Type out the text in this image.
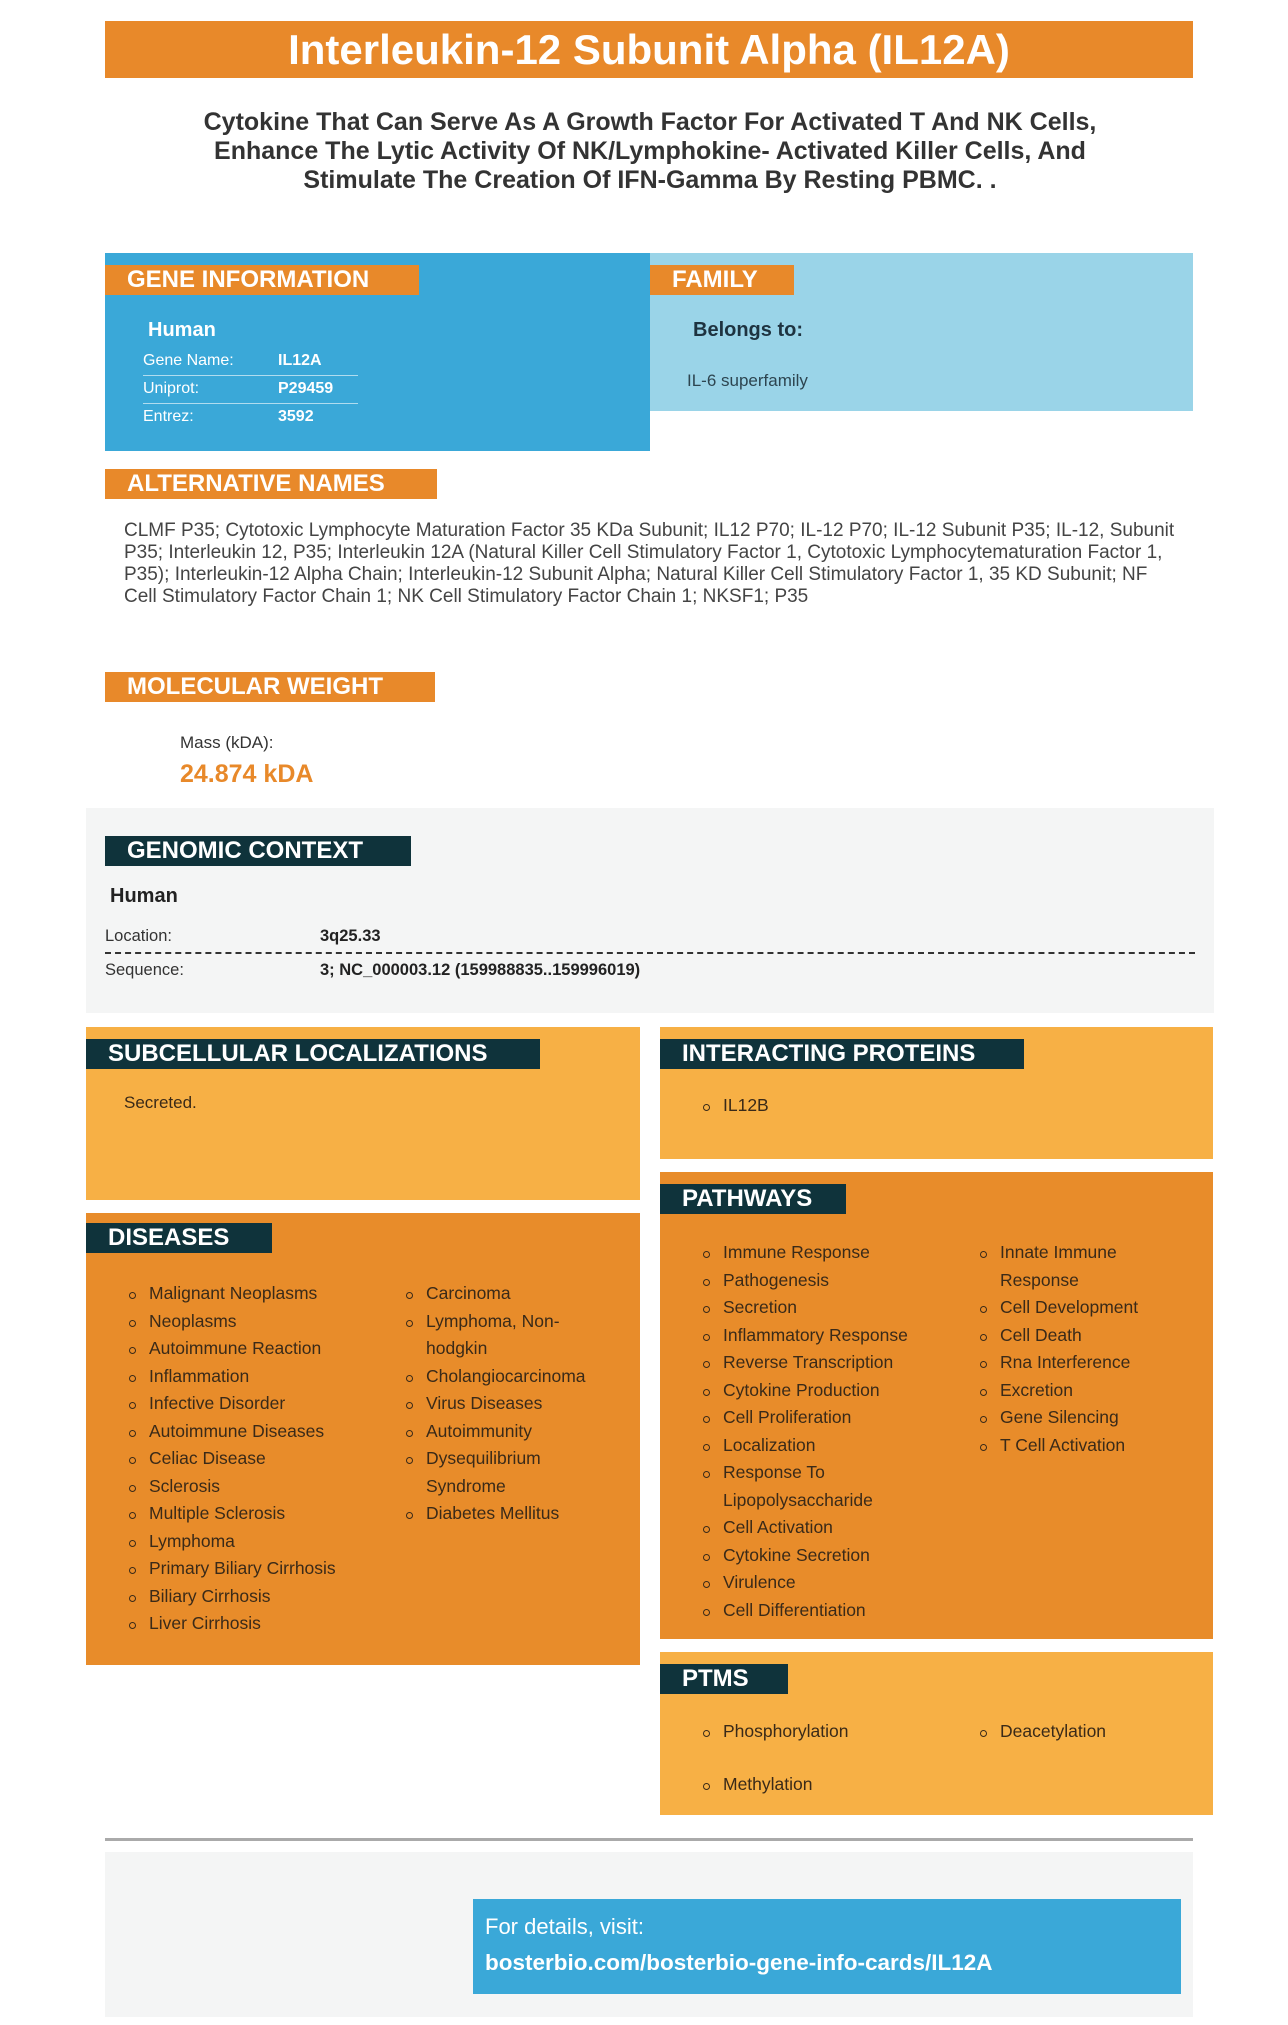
Interleukin-12 Subunit Alpha (IL12A)
Cytokine That Can Serve As A Growth Factor For Activated T And NK Cells, Enhance The Lytic Activity Of NK/Lymphokine- Activated Killer Cells, And Stimulate The Creation Of IFN-Gamma By Resting PBMC. .
GENE INFORMATION
Human
Gene Name:	IL12A
Uniprot:	P29459
Entrez:	3592
FAMILY
Belongs to:
IL-6 superfamily
ALTERNATIVE NAMES
CLMF P35; Cytotoxic Lymphocyte Maturation Factor 35 KDa Subunit; IL12 P70; IL-12 P70; IL-12 Subunit P35; IL-12, Subunit P35; Interleukin 12, P35; Interleukin 12A (Natural Killer Cell Stimulatory Factor 1, Cytotoxic Lymphocytematuration Factor 1, P35); Interleukin-12 Alpha Chain; Interleukin-12 Subunit Alpha; Natural Killer Cell Stimulatory Factor 1, 35 KD Subunit; NF Cell Stimulatory Factor Chain 1; NK Cell Stimulatory Factor Chain 1; NKSF1; P35
MOLECULAR WEIGHT
Mass (kDA):
24.874 kDA
GENOMIC CONTEXT
Human
Location:	3q25.33
Sequence:	3; NC_000003.12 (159988835..159996019)
SUBCELLULAR LOCALIZATIONS
Secreted.
INTERACTING PROTEINS
IL12B
DISEASES
Malignant Neoplasms
Neoplasms
Autoimmune Reaction
Inflammation
Infective Disorder
Autoimmune Diseases
Celiac Disease
Sclerosis
Multiple Sclerosis
Lymphoma
Primary Biliary Cirrhosis
Biliary Cirrhosis
Liver Cirrhosis
Carcinoma
Lymphoma, Non-hodgkin
Cholangiocarcinoma
Virus Diseases
Autoimmunity
Dysequilibrium Syndrome
Diabetes Mellitus
PATHWAYS
Immune Response
Pathogenesis
Secretion
Inflammatory Response
Reverse Transcription
Cytokine Production
Cell Proliferation
Localization
Response To Lipopolysaccharide
Cell Activation
Cytokine Secretion
Virulence
Cell Differentiation
Innate Immune Response
Cell Development
Cell Death
Rna Interference
Excretion
Gene Silencing
T Cell Activation
PTMS
Phosphorylation
Methylation
Deacetylation
For details, visit:
bosterbio.com/bosterbio-gene-info-cards/IL12A
